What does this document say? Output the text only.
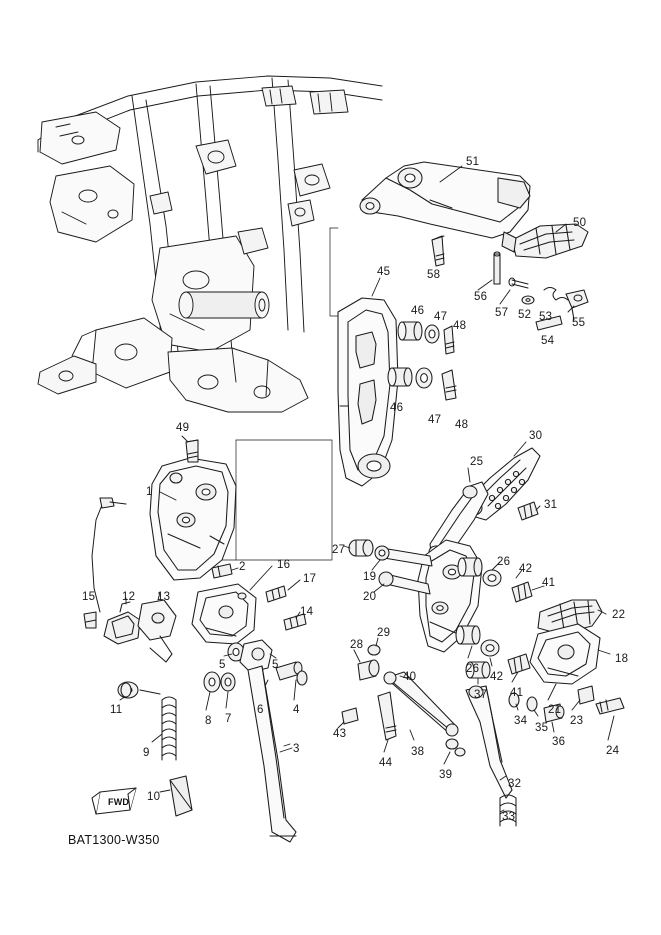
51
50
58
56
57 52 53
54
55
45
46 47
48
46
47 48
49
1
2	16
17
14
15 12 13
11
9
8 7
5	5
6	4
3
10
27
19
20
25
30
31
26
42
41
22
18
26
42
41
21
23
24
28
29
43
44
38
40
39
37
34
35
36
32
33
FWD
BAT1300-W350
